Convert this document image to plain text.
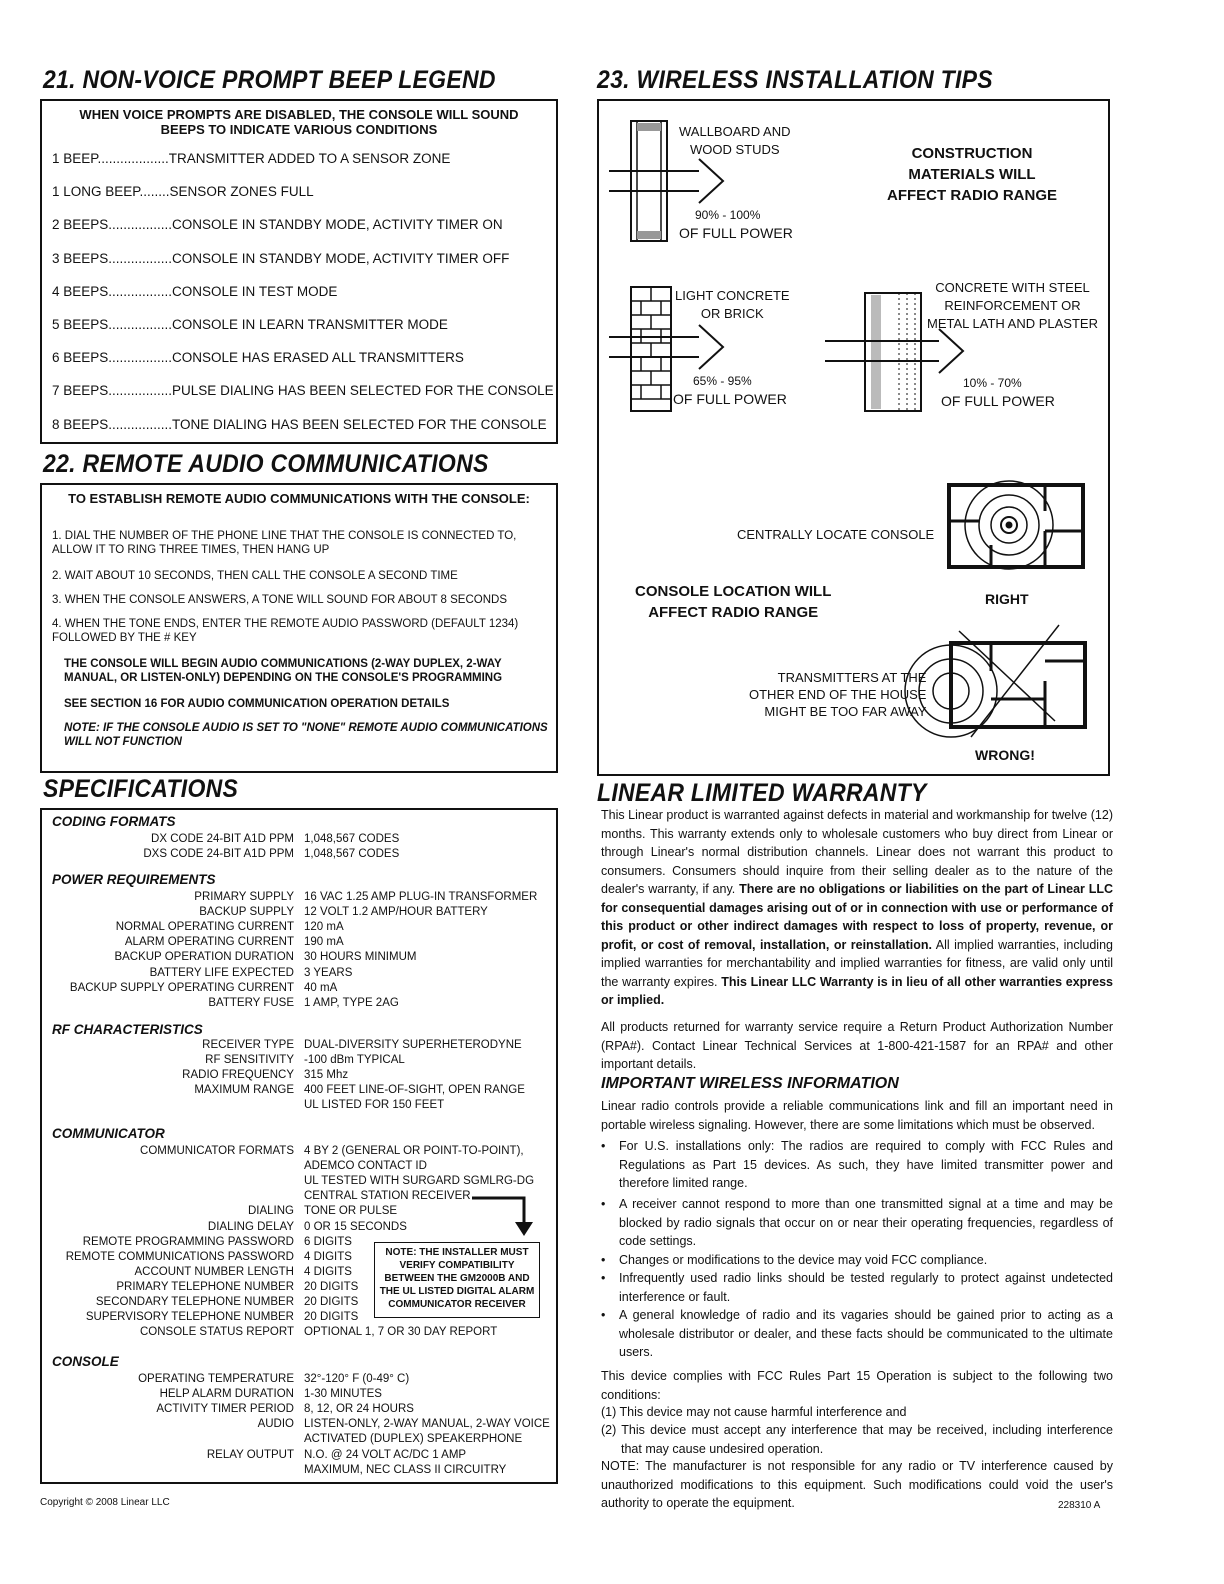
21. NON-VOICE PROMPT BEEP LEGEND
WHEN VOICE PROMPTS ARE DISABLED, THE CONSOLE WILL SOUND BEEPS TO INDICATE VARIOUS CONDITIONS
1 BEEP...................TRANSMITTER ADDED TO A SENSOR ZONE
1 LONG BEEP........SENSOR ZONES FULL
2 BEEPS.................CONSOLE IN STANDBY MODE, ACTIVITY TIMER ON
3 BEEPS.................CONSOLE IN STANDBY MODE, ACTIVITY TIMER OFF
4 BEEPS.................CONSOLE IN TEST MODE
5 BEEPS.................CONSOLE IN LEARN TRANSMITTER MODE
6 BEEPS.................CONSOLE HAS ERASED ALL TRANSMITTERS
7 BEEPS.................PULSE DIALING HAS BEEN SELECTED FOR THE CONSOLE
8 BEEPS.................TONE DIALING HAS BEEN SELECTED FOR THE CONSOLE
22. REMOTE AUDIO COMMUNICATIONS
TO ESTABLISH REMOTE AUDIO COMMUNICATIONS WITH THE CONSOLE:
1. DIAL THE NUMBER OF THE PHONE LINE THAT THE CONSOLE IS CONNECTED TO, ALLOW IT TO RING THREE TIMES, THEN HANG UP
2. WAIT ABOUT 10 SECONDS, THEN CALL THE CONSOLE A SECOND TIME
3. WHEN THE CONSOLE ANSWERS, A TONE WILL SOUND FOR ABOUT 8 SECONDS
4. WHEN THE TONE ENDS, ENTER THE REMOTE AUDIO PASSWORD (DEFAULT 1234) FOLLOWED BY THE # KEY
THE CONSOLE WILL BEGIN AUDIO COMMUNICATIONS (2-WAY DUPLEX, 2-WAY MANUAL, OR LISTEN-ONLY) DEPENDING ON THE CONSOLE'S PROGRAMMING
SEE SECTION 16 FOR AUDIO COMMUNICATION OPERATION DETAILS
NOTE: IF THE CONSOLE AUDIO IS SET TO "NONE" REMOTE AUDIO COMMUNICATIONS WILL NOT FUNCTION
SPECIFICATIONS
CODING FORMATS
DX CODE 24-BIT A1D PPM 1,048,567 CODES
DXS CODE 24-BIT A1D PPM 1,048,567 CODES
POWER REQUIREMENTS
PRIMARY SUPPLY 16 VAC 1.25 AMP PLUG-IN TRANSFORMER
BACKUP SUPPLY 12 VOLT 1.2 AMP/HOUR BATTERY
NORMAL OPERATING CURRENT 120 mA
ALARM OPERATING CURRENT 190 mA
BACKUP OPERATION DURATION 30 HOURS MINIMUM
BATTERY LIFE EXPECTED 3 YEARS
BACKUP SUPPLY OPERATING CURRENT 40 mA
BATTERY FUSE 1 AMP, TYPE 2AG
RF CHARACTERISTICS
RECEIVER TYPE DUAL-DIVERSITY SUPERHETERODYNE
RF SENSITIVITY -100 dBm TYPICAL
RADIO FREQUENCY 315 Mhz
MAXIMUM RANGE 400 FEET LINE-OF-SIGHT, OPEN RANGE
UL LISTED FOR 150 FEET
COMMUNICATOR
COMMUNICATOR FORMATS 4 BY 2 (GENERAL OR POINT-TO-POINT),
ADEMCO CONTACT ID
UL TESTED WITH SURGARD SGMLRG-DG
CENTRAL STATION RECEIVER
DIALING TONE OR PULSE
DIALING DELAY 0 OR 15 SECONDS
REMOTE PROGRAMMING PASSWORD 6 DIGITS
REMOTE COMMUNICATIONS PASSWORD 4 DIGITS
ACCOUNT NUMBER LENGTH 4 DIGITS
PRIMARY TELEPHONE NUMBER 20 DIGITS
SECONDARY TELEPHONE NUMBER 20 DIGITS
SUPERVISORY TELEPHONE NUMBER 20 DIGITS
CONSOLE STATUS REPORT OPTIONAL 1, 7 OR 30 DAY REPORT
CONSOLE
OPERATING TEMPERATURE 32°-120° F (0-49° C)
HELP ALARM DURATION 1-30 MINUTES
ACTIVITY TIMER PERIOD 8, 12, OR 24 HOURS
AUDIO LISTEN-ONLY, 2-WAY MANUAL, 2-WAY VOICE
ACTIVATED (DUPLEX) SPEAKERPHONE
RELAY OUTPUT N.O. @ 24 VOLT AC/DC 1 AMP
MAXIMUM, NEC CLASS II CIRCUITRY
NOTE: THE INSTALLER MUST VERIFY COMPATIBILITY BETWEEN THE GM2000B AND THE UL LISTED DIGITAL ALARM COMMUNICATOR RECEIVER
Copyright © 2008 Linear LLC
23. WIRELESS INSTALLATION TIPS
WALLBOARD AND
WOOD STUDS
90% - 100%
OF FULL POWER
CONSTRUCTION
MATERIALS WILL
AFFECT RADIO RANGE
LIGHT CONCRETE
OR BRICK
65% - 95%
OF FULL POWER
CONCRETE WITH STEEL
REINFORCEMENT OR
METAL LATH AND PLASTER
10% - 70%
OF FULL POWER
CENTRALLY LOCATE CONSOLE
CONSOLE LOCATION WILL
AFFECT RADIO RANGE
RIGHT
TRANSMITTERS AT THE
OTHER END OF THE HOUSE
MIGHT BE TOO FAR AWAY
WRONG!
LINEAR LIMITED WARRANTY
This Linear product is warranted against defects in material and workmanship for twelve (12) months. This warranty extends only to wholesale customers who buy direct from Linear or through Linear's normal distribution channels. Linear does not warrant this product to consumers. Consumers should inquire from their selling dealer as to the nature of the dealer's warranty, if any. There are no obligations or liabilities on the part of Linear LLC for consequential damages arising out of or in connection with use or performance of this product or other indirect damages with respect to loss of property, revenue, or profit, or cost of removal, installation, or reinstallation. All implied warranties, including implied warranties for merchantability and implied warranties for fitness, are valid only until the warranty expires. This Linear LLC Warranty is in lieu of all other warranties express or implied.
All products returned for warranty service require a Return Product Authorization Number (RPA#). Contact Linear Technical Services at 1-800-421-1587 for an RPA# and other important details.
IMPORTANT WIRELESS INFORMATION
Linear radio controls provide a reliable communications link and fill an important need in portable wireless signaling. However, there are some limitations which must be observed.
• For U.S. installations only: The radios are required to comply with FCC Rules and Regulations as Part 15 devices. As such, they have limited transmitter power and therefore limited range.
• A receiver cannot respond to more than one transmitted signal at a time and may be blocked by radio signals that occur on or near their operating frequencies, regardless of code settings.
• Changes or modifications to the device may void FCC compliance.
• Infrequently used radio links should be tested regularly to protect against undetected interference or fault.
• A general knowledge of radio and its vagaries should be gained prior to acting as a wholesale distributor or dealer, and these facts should be communicated to the ultimate users.
This device complies with FCC Rules Part 15 Operation is subject to the following two conditions:
(1) This device may not cause harmful interference and
(2) This device must accept any interference that may be received, including interference that may cause undesired operation.
NOTE: The manufacturer is not responsible for any radio or TV interference caused by unauthorized modifications to this equipment. Such modifications could void the user's authority to operate the equipment.	228310 A
